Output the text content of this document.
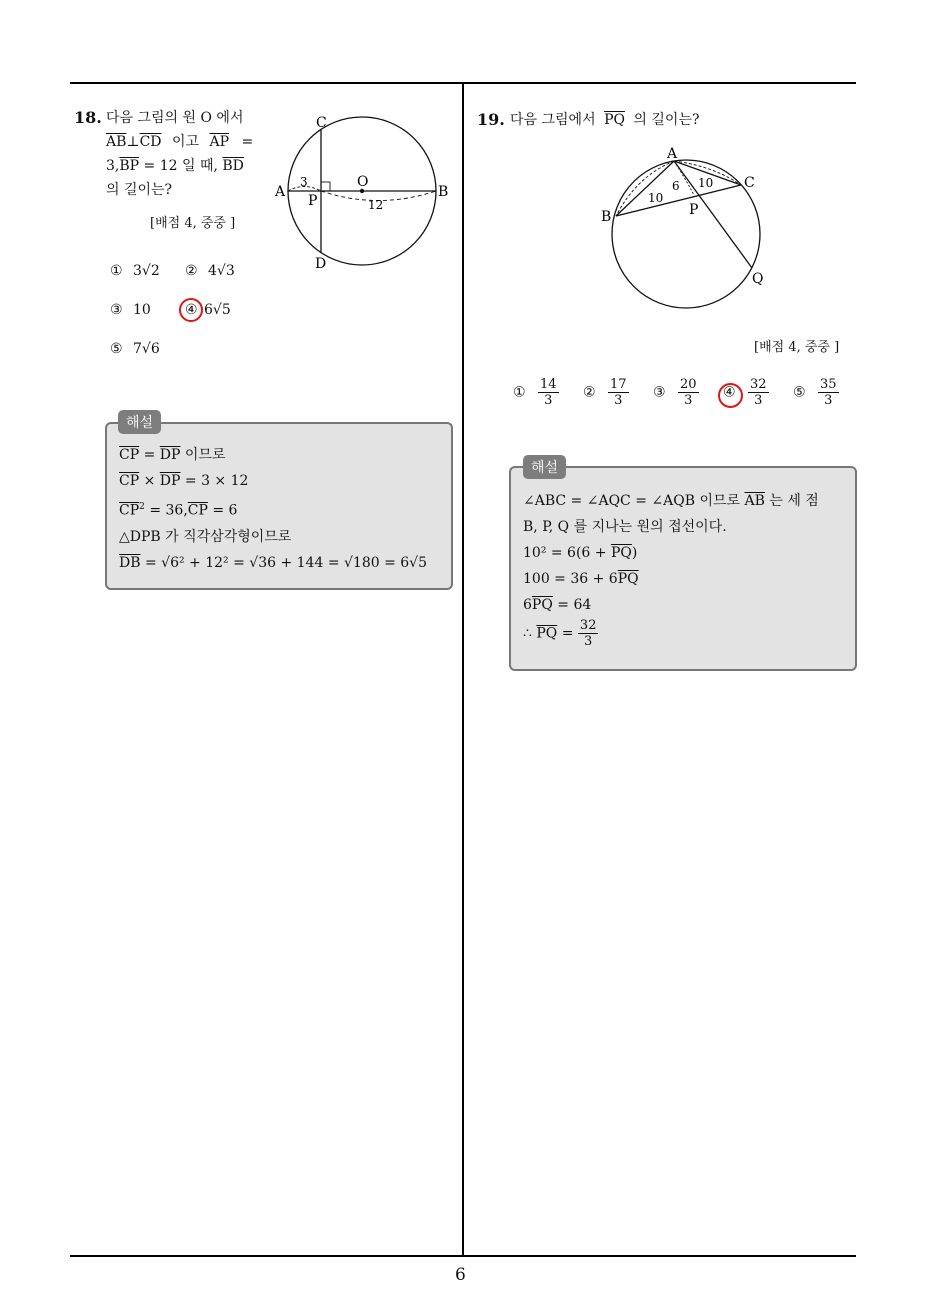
6
18. 다음 그림의 원 O 에서
$\overline{AB}\perp\overline{CD}$ 이고 $\overline{AP}$ =
$3,\overline{BP} = 12$ 일 때, $\overline{BD}$
의 길이는?
[배점 4, 중중 ]
A	B
C
D
O
P
3
12
① 3√2 ② 4√3
③ 10 ④ 6√5
⑤ 7√6
$\overline{CP} = \overline{DP}$ 이므로
$\overline{CP} \times \overline{DP} = 3 \times 12$
$\overline{CP}^2 = 36,\overline{CP} = 6$
△DPB 가 직각삼각형이므로
$\overline{DB} = √6^2 + 12^2 = √36 + 144 = √180 = 6√5$
해설
19. 다음 그림에서 $\overline{PQ}$ 의 길이는?
A
B
C
P
Q
10
6 10
[배점 4, 중중 ]
① $\frac{14}{3}$ ② $\frac{17}{3}$ ③ $\frac{20}{3}$ ④ $\frac{32}{3}$ ⑤ $\frac{35}{3}$
∠ABC = ∠AQC = ∠AQB 이므로 $\overline{AB}$ 는 세 점
B, P, Q 를 지나는 원의 접선이다.
$10^2 = 6(6 + \overline{PQ})$
$100 = 36 + 6\overline{PQ}$
$6\overline{PQ} = 64$
∴ $\overline{PQ} = \frac{32}{3}$
해설
